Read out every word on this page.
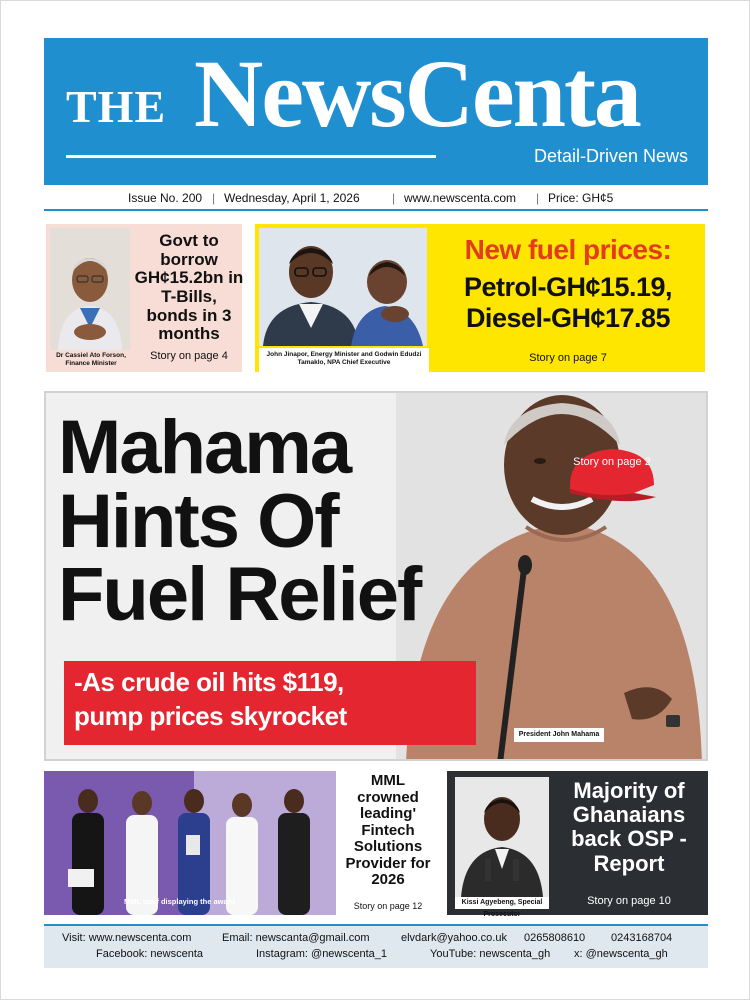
THE NewsCenta
Detail-Driven News
Issue No. 200 | Wednesday, April 1, 2026	| www.newscenta.com | Price: GH¢5
Dr Cassiel Ato Forson, Finance Minister
Govt to borrow GH¢15.2bn in T-Bills, bonds in 3 months
Story on page 4	John Jinapor, Energy Minister and Godwin Edudzi Tamaklo, NPA Chief Executive
New fuel prices:
Petrol-GH¢15.19,
Diesel-GH¢17.85
Story on page 7
Mahama
Hints Of
Fuel Relief
-As crude oil hits $119,
pump prices skyrocket
Story on page 2
President John Mahama
MML staff displaying the award
MML crowned leading' Fintech Solutions Provider for 2026
Story on page 12	Kissi Agyebeng, Special Prosecutor
Majority of Ghanaians back OSP - Report
Story on page 10
Visit: www.newscenta.com	Email: newscanta@gmail.com	elvdark@yahoo.co.uk 0265808610 0243168704
Facebook: newscenta	Instagram: @newscenta_1	YouTube: newscenta_gh x: @newscenta_gh
